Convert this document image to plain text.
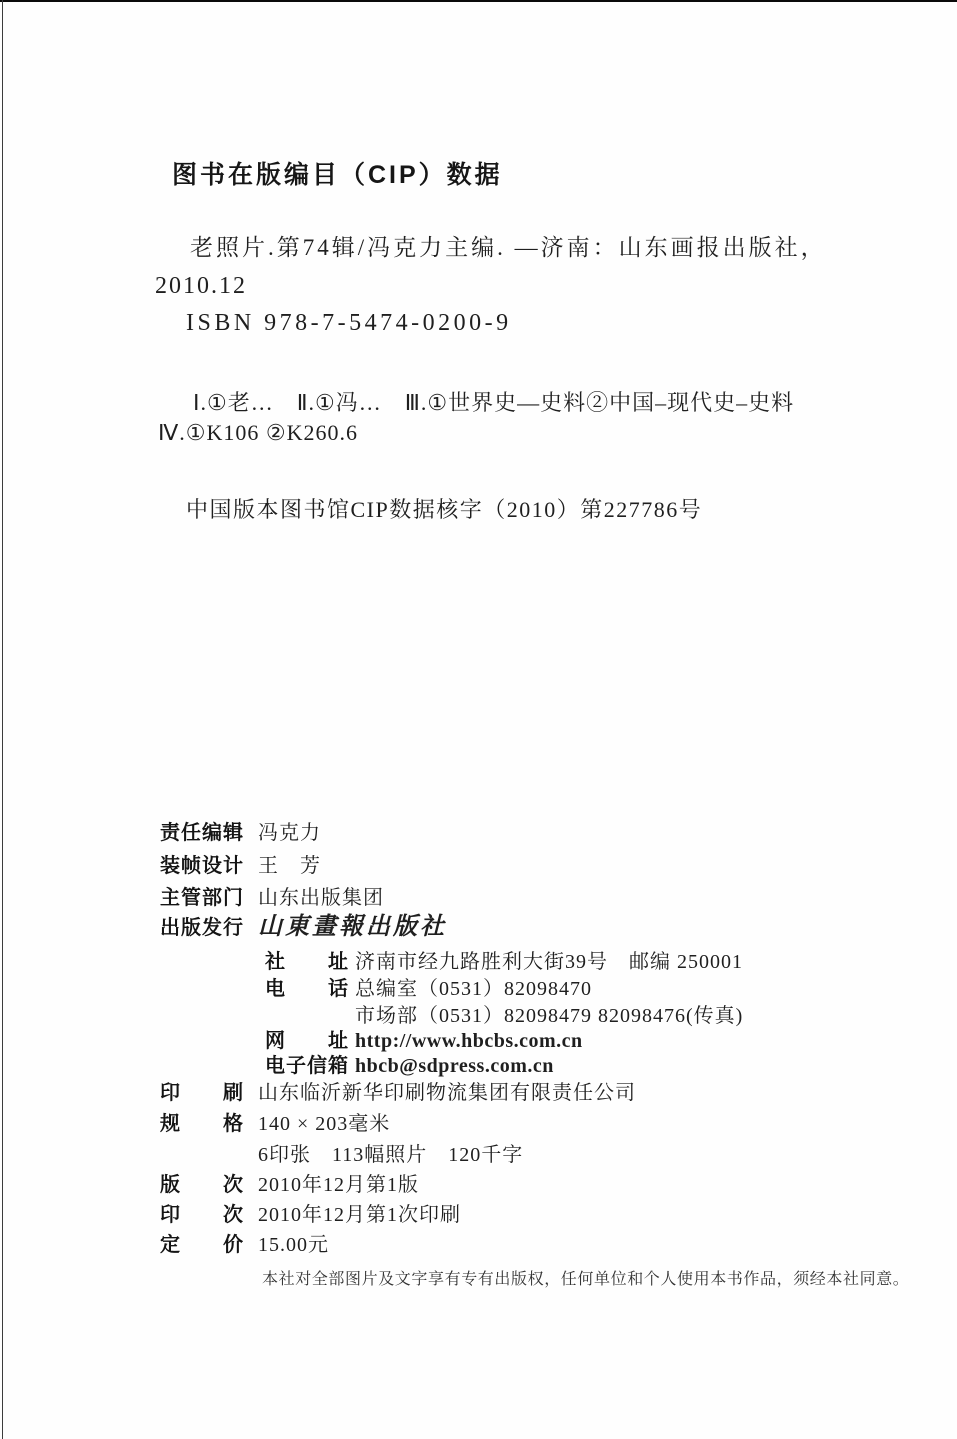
图书在版编目（CIP）数据
老照片.第74辑/冯克力主编. —济南：山东画报出版社，
2010.12
ISBN 978-7-5474-0200-9
Ⅰ.①老…　Ⅱ.①冯…　Ⅲ.①世界史—史料②中国–现代史–史料
Ⅳ.①K106 ②K260.6
中国版本图书馆CIP数据核字（2010）第227786号
责任编辑 冯克力
装帧设计 王　芳
主管部门 山东出版集团
出版发行 山東畫報出版社
社　　址 济南市经九路胜利大街39号　邮编 250001
电　　话 总编室（0531）82098470
市场部（0531）82098479 82098476(传真)
网　　址 http://www.hbcbs.com.cn
电子信箱 hbcb@sdpress.com.cn
印　　刷 山东临沂新华印刷物流集团有限责任公司
规　　格 140 × 203毫米
6印张　113幅照片　120千字
版　　次 2010年12月第1版
印　　次 2010年12月第1次印刷
定　　价 15.00元
本社对全部图片及文字享有专有出版权，任何单位和个人使用本书作品，须经本社同意。
